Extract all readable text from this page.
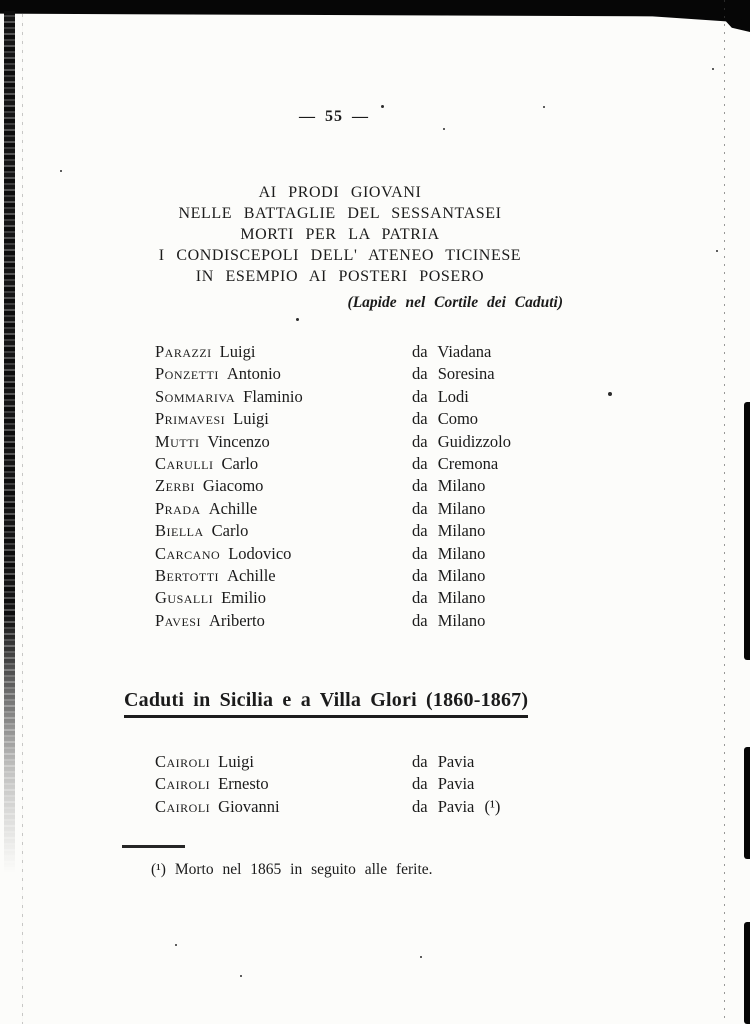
— 55 —
AI PRODI GIOVANI
NELLE BATTAGLIE DEL SESSANTASEI
MORTI PER LA PATRIA
I CONDISCEPOLI DELL' ATENEO TICINESE
IN ESEMPIO AI POSTERI POSERO
(Lapide nel Cortile dei Caduti)
Parazzi Luigi	da Viadana
Ponzetti Antonio	da Soresina
Sommariva Flaminio	da Lodi
Primavesi Luigi	da Como
Mutti Vincenzo	da Guidizzolo
Carulli Carlo	da Cremona
Zerbi Giacomo	da Milano
Prada Achille	da Milano
Biella Carlo	da Milano
Carcano Lodovico	da Milano
Bertotti Achille	da Milano
Gusalli Emilio	da Milano
Pavesi Ariberto	da Milano
Caduti in Sicilia e a Villa Glori (1860-1867)
Cairoli Luigi	da Pavia
Cairoli Ernesto	da Pavia
Cairoli Giovanni	da Pavia (¹)
(¹) Morto nel 1865 in seguito alle ferite.
